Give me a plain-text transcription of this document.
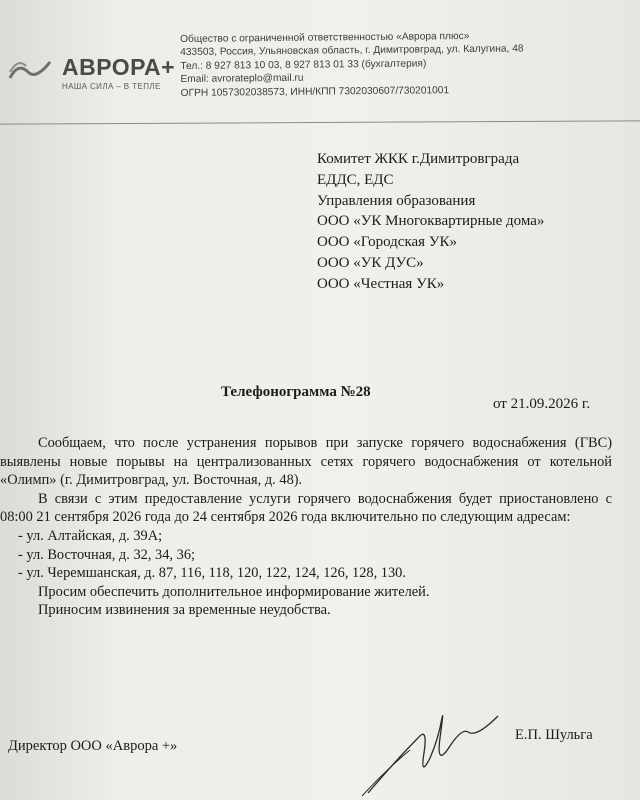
АВРОРА+
НАША СИЛА – В ТЕПЛЕ
Общество с ограниченной ответственностью «Аврора плюс»
433503, Россия, Ульяновская область, г. Димитровград, ул. Калугина, 48
Тел.: 8 927 813 10 03, 8 927 813 01 33 (бухгалтерия)
Email: avrorateplo@mail.ru
ОГРН 1057302038573, ИНН/КПП 7302030607/730201001
Комитет ЖКК г.Димитровграда
ЕДДС, ЕДС
Управления образования
ООО «УК Многоквартирные дома»
ООО «Городская УК»
ООО «УК ДУС»
ООО «Честная УК»
Телефонограмма №28
от 21.09.2026 г.

Сообщаем, что после устранения порывов при запуске горячего водоснабжения (ГВС) выявлены новые порывы на централизованных сетях горячего водоснабжения от котельной «Олимп» (г. Димитровград, ул. Восточная, д. 48).

В связи с этим предоставление услуги горячего водоснабжения будет приостановлено с 08:00 21 сентября 2026 года до 24 сентября 2026 года включительно по следующим адресам:

- ул. Алтайская, д. 39А;
- ул. Восточная, д. 32, 34, 36;
- ул. Черемшанская, д. 87, 116, 118, 120, 122, 124, 126, 128, 130.

Просим обеспечить дополнительное информирование жителей.

Приносим извинения за временные неудобства.

Директор ООО «Аврора +»
Е.П. Шульга
